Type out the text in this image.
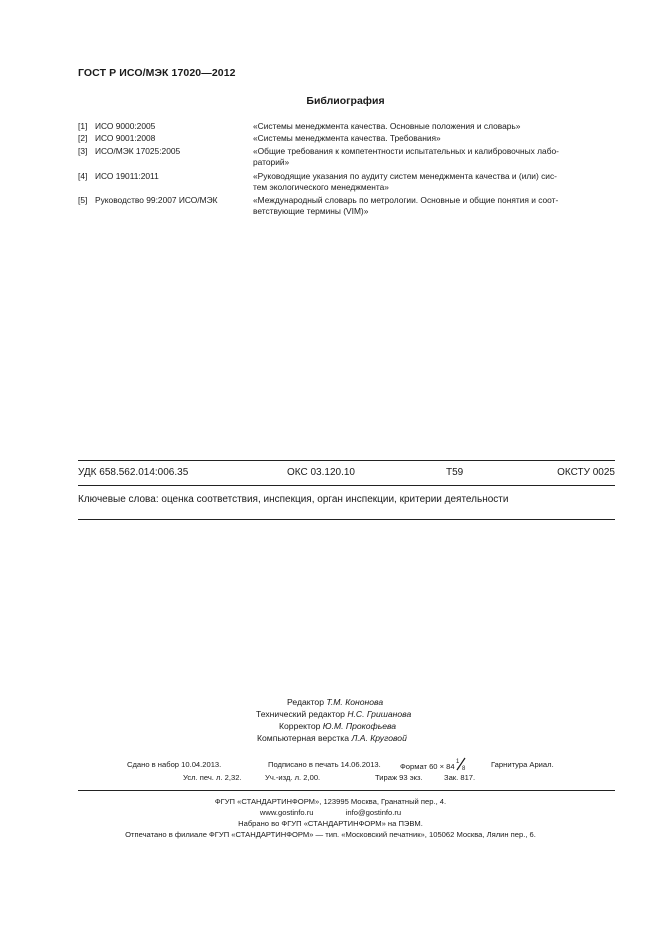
ГОСТ Р ИСО/МЭК 17020—2012
Библиография
[1] ИСО 9000:2005	«Системы менеджмента качества. Основные положения и словарь»
[2] ИСО 9001:2008	«Системы менеджмента качества. Требования»
[3] ИСО/МЭК 17025:2005	«Общие требования к компетентности испытательных и калибровочных лабо-
раторий»
[4] ИСО 19011:2011	«Руководящие указания по аудиту систем менеджмента качества и (или) сис-
тем экологического менеджмента»
[5] Руководство 99:2007 ИСО/МЭК	«Международный словарь по метрологии. Основные и общие понятия и соот-
ветствующие термины (VIM)»
УДК 658.562.014:006.35	ОКС 03.120.10	Т59	ОКСТУ 0025
Ключевые слова: оценка соответствия, инспекция, орган инспекции, критерии деятельности
Редактор Т.М. Кононова
Технический редактор Н.С. Гришанова
Корректор Ю.М. Прокофьева
Компьютерная верстка Л.А. Круговой
Сдано в набор 10.04.2013.	Подписано в печать 14.06.2013.	Формат 60 × 84 1
8	Гарнитура Ариал.
Усл. печ. л. 2,32.	Уч.-изд. л. 2,00.	Тираж 93 экз.	Зак. 817.
ФГУП «СТАНДАРТИНФОРМ», 123995 Москва, Гранатный пер., 4.
www.gostinfo.ru	info@gostinfo.ru
Набрано во ФГУП «СТАНДАРТИНФОРМ» на ПЭВМ.
Отпечатано в филиале ФГУП «СТАНДАРТИНФОРМ» — тип. «Московский печатник», 105062 Москва, Лялин пер., 6.
